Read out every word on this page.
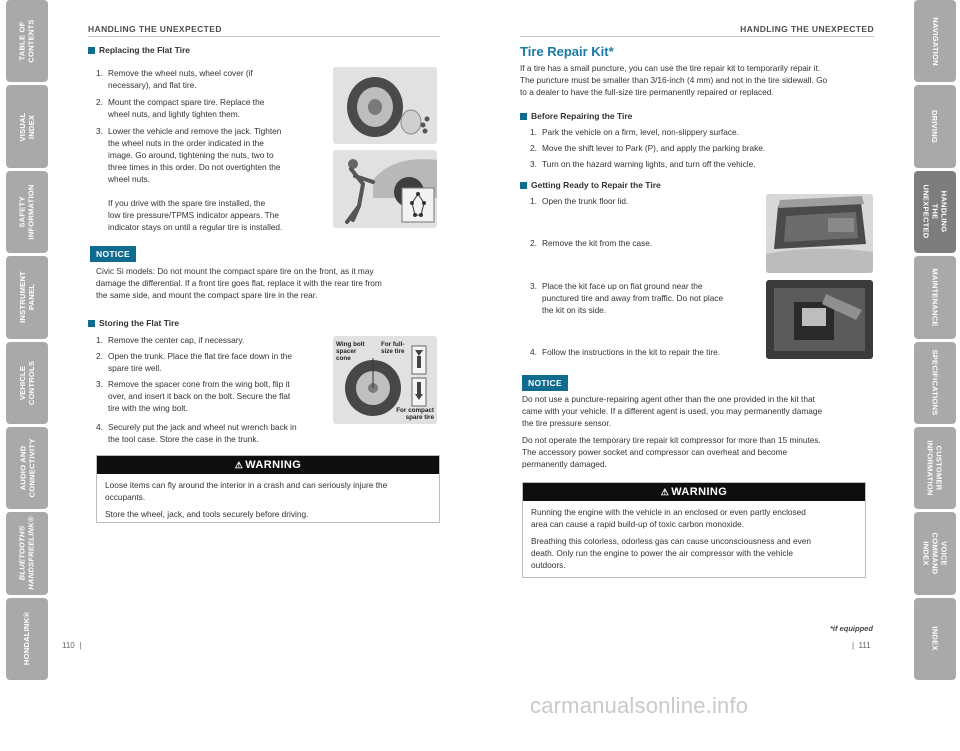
TABLE OF
CONTENTS
VISUAL INDEX
SAFETY
INFORMATION
INSTRUMENT
PANEL
VEHICLE
CONTROLS
AUDIO AND
CONNECTIVITY
BLUETOOTH®
HANDSFREELINK®
HONDALINK®
NAVIGATION
DRIVING
HANDLING THE
UNEXPECTED
MAINTENANCE
SPECIFICATIONS
CUSTOMER
INFORMATION
VOICE
COMMAND INDEX
INDEX
HANDLING THE UNEXPECTED	HANDLING THE UNEXPECTED
Replacing the Flat Tire
1. Remove the wheel nuts, wheel cover (if
necessary), and flat tire.
2. Mount the compact spare tire. Replace the
wheel nuts, and lightly tighten them.
3. Lower the vehicle and remove the jack. Tighten
the wheel nuts in the order indicated in the
image. Go around, tightening the nuts, two to
three times in this order. Do not overtighten the
wheel nuts.
If you drive with the spare tire installed, the
low tire pressure/TPMS indicator appears. The
indicator stays on until a regular tire is installed.
NOTICE
Civic Si models: Do not mount the compact spare tire on the front, as it may
damage the differential. If a front tire goes flat, replace it with the rear tire from
the same side, and mount the compact spare tire in the rear.
Storing the Flat Tire
1. Remove the center cap, if necessary.
2. Open the trunk. Place the flat tire face down in the
spare tire well.
3. Remove the spacer cone from the wing bolt, flip it
over, and insert it back on the bolt. Secure the flat
tire with the wing bolt.
4. Securely put the jack and wheel nut wrench back in
the tool case. Store the case in the trunk.
Wing bolt
spacer
cone
For full-
size tire
For compact
spare tire
⚠ WARNING

Loose items can fly around the interior in a crash and can seriously injure the
occupants.

Store the wheel, jack, and tools securely before driving.

Tire Repair Kit*
If a tire has a small puncture, you can use the tire repair kit to temporarily repair it.
The puncture must be smaller than 3/16-inch (4 mm) and not in the tire sidewall. Go
to a dealer to have the full-size tire permanently repaired or replaced.
Before Repairing the Tire
1. Park the vehicle on a firm, level, non-slippery surface.
2. Move the shift lever to Park (P), and apply the parking brake.
3. Turn on the hazard warning lights, and turn off the vehicle.
Getting Ready to Repair the Tire
1. Open the trunk floor lid.
2. Remove the kit from the case.
3. Place the kit face up on flat ground near the
punctured tire and away from traffic. Do not place
the kit on its side.
4. Follow the instructions in the kit to repair the tire.
NOTICE
Do not use a puncture-repairing agent other than the one provided in the kit that
came with your vehicle. If a different agent is used, you may permanently damage
the tire pressure sensor.
Do not operate the temporary tire repair kit compressor for more than 15 minutes.
The accessory power socket and compressor can overheat and become
permanently damaged.
⚠ WARNING

Running the engine with the vehicle in an enclosed or even partly enclosed
area can cause a rapid build-up of toxic carbon monoxide.

Breathing this colorless, odorless gas can cause unconsciousness and even
death. Only run the engine to power the air compressor with the vehicle
outdoors.

*if equipped
110  |	|  111
carmanualsonline.info
